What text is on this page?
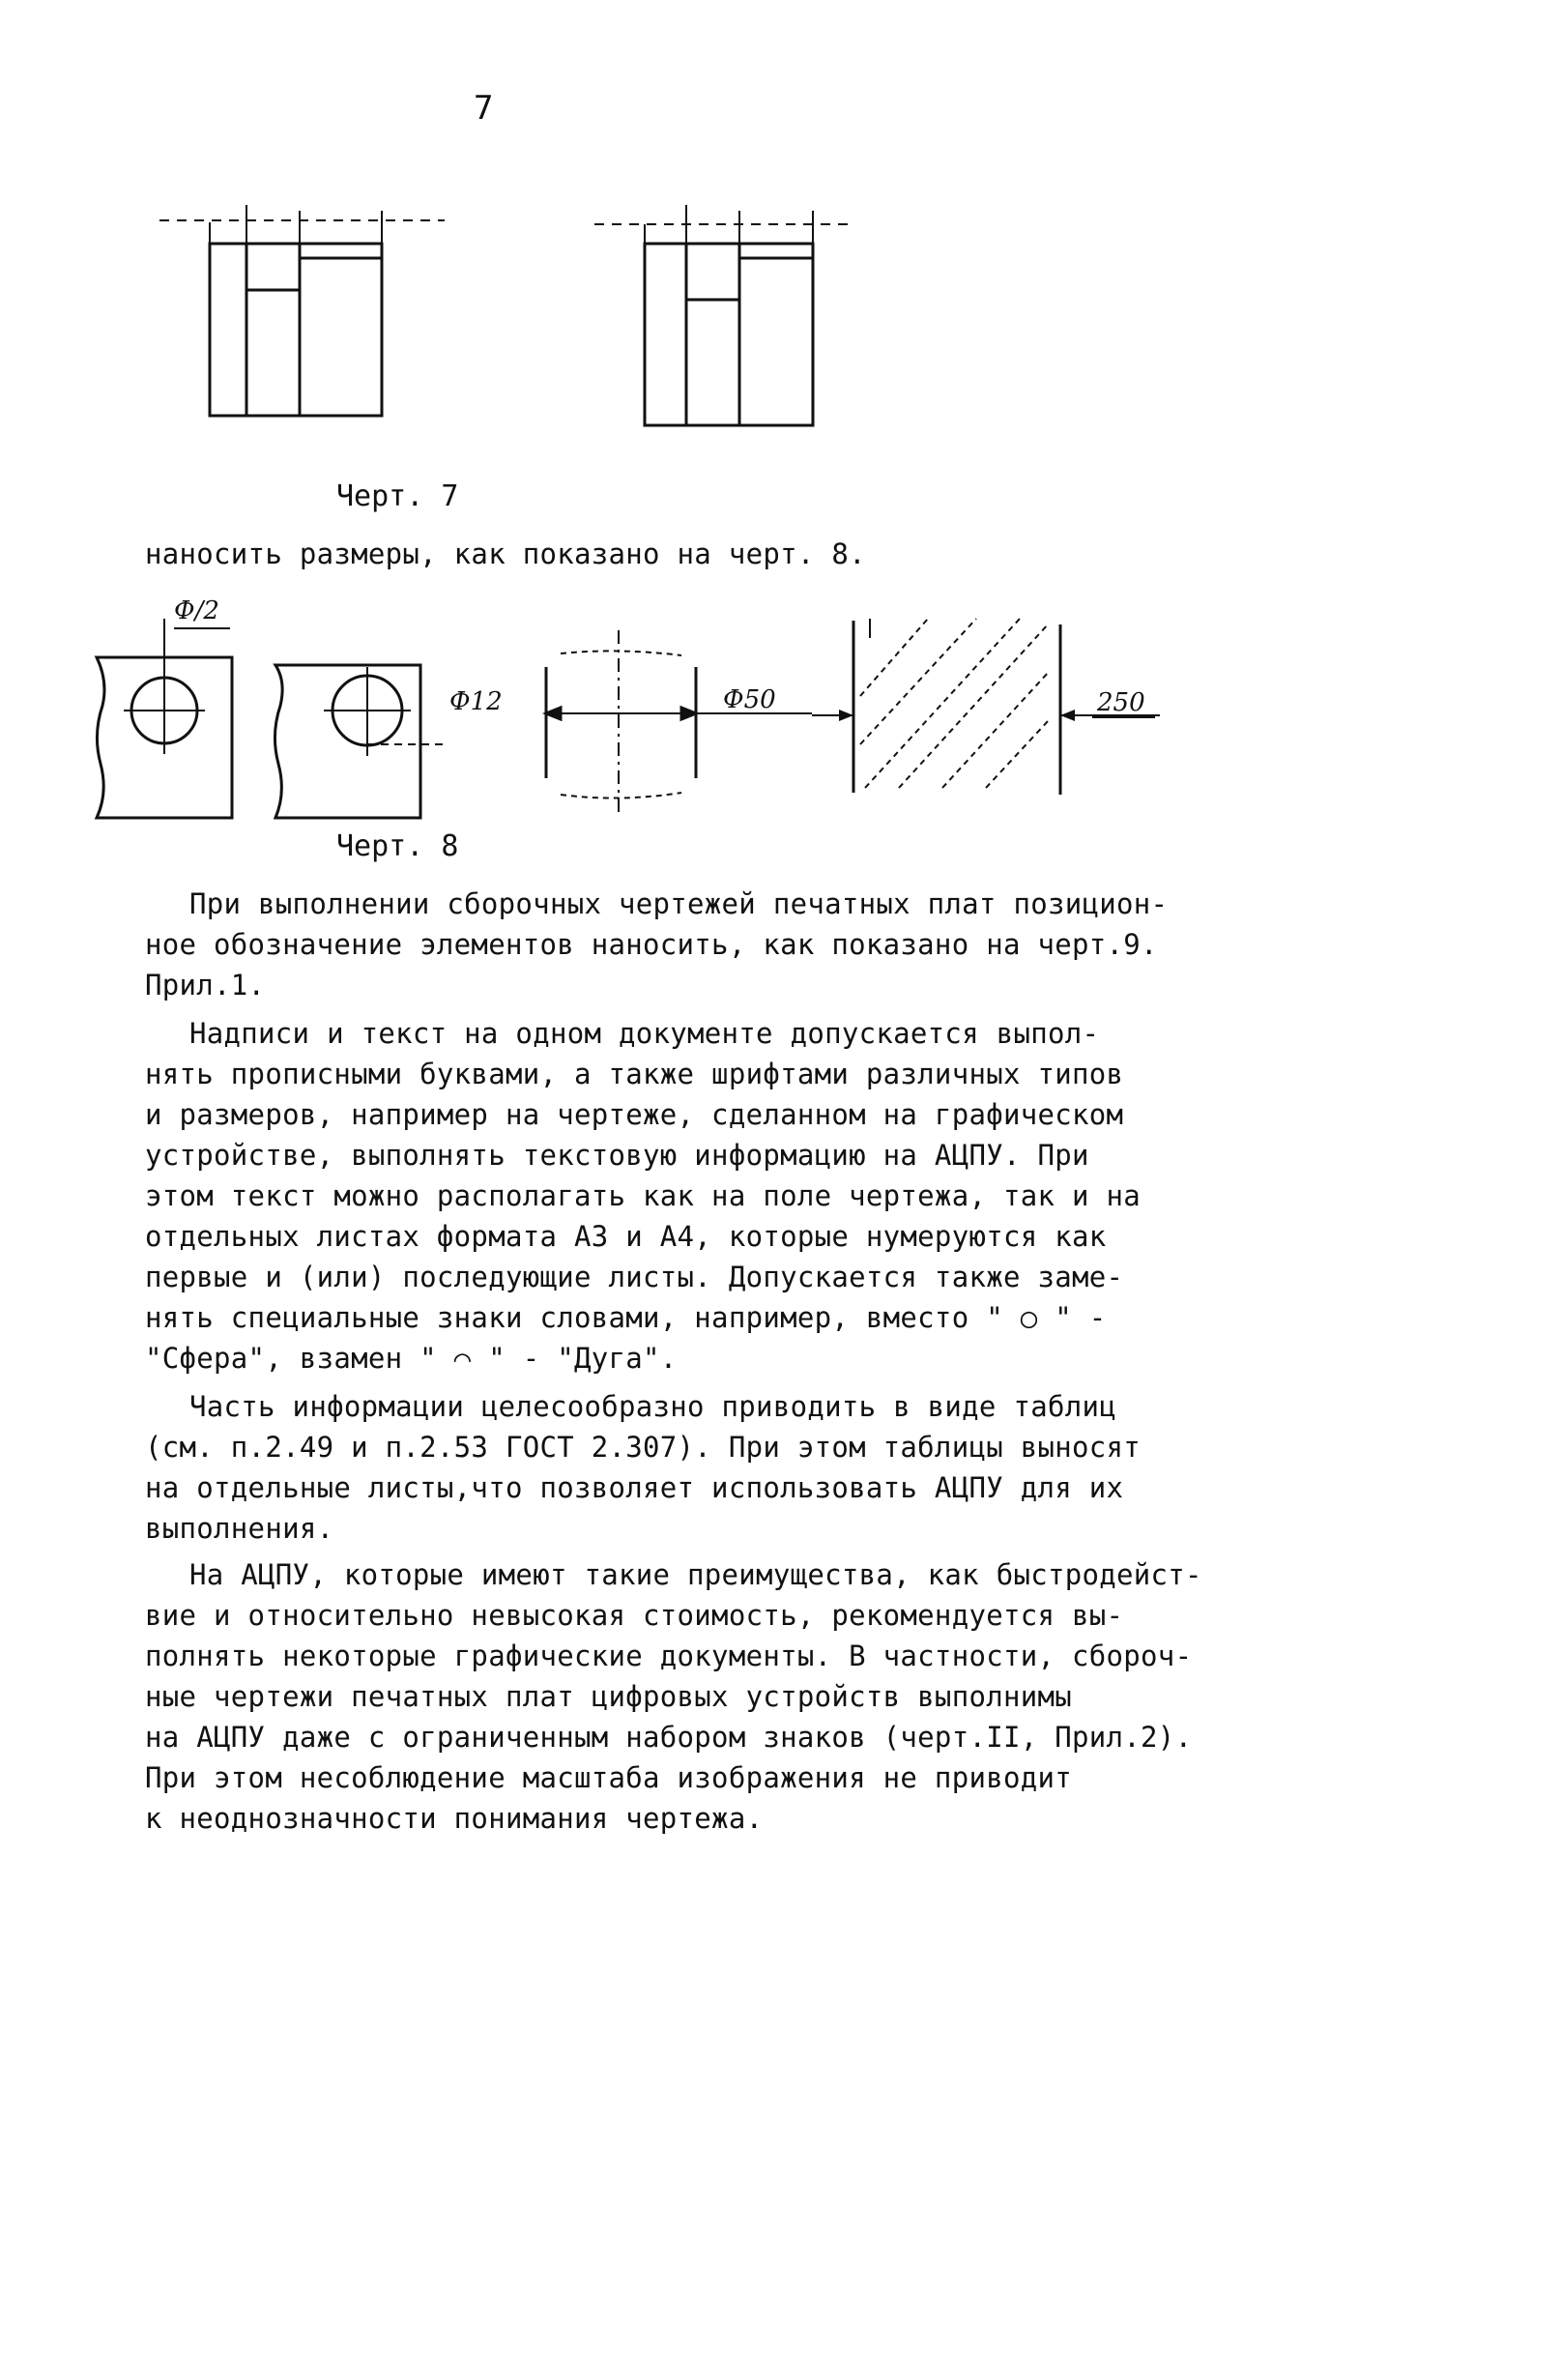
7
Черт. 7
наносить размеры, как показано на черт. 8.
Ф/2
Ф12	Ф50	250
Черт. 8
При выполнении сборочных чертежей печатных плат позицион-
ное обозначение элементов наносить, как показано на черт.9.
Прил.1.
Надписи и текст на одном документе допускается выпол-
нять прописными буквами, а также шрифтами различных типов
и размеров, например на чертеже, сделанном на графическом
устройстве, выполнять текстовую информацию на АЦПУ. При
этом текст можно располагать как на поле чертежа, так и на
отдельных листах формата А3 и А4, которые нумеруются как
первые и (или) последующие листы. Допускается также заме-
нять специальные знаки словами, например, вместо " ○ " -
"Сфера", взамен " ⌒ " - "Дуга".
Часть информации целесообразно приводить в виде таблиц
(см. п.2.49 и п.2.53 ГОСТ 2.307). При этом таблицы выносят
на отдельные листы,что позволяет использовать АЦПУ для их
выполнения.
На АЦПУ, которые имеют такие преимущества, как быстродейст-
вие и относительно невысокая стоимость, рекомендуется вы-
полнять некоторые графические документы. В частности, сбороч-
ные чертежи печатных плат цифровых устройств выполнимы
на АЦПУ даже с ограниченным набором знаков (черт.II, Прил.2).
При этом несоблюдение масштаба изображения не приводит
к неоднозначности понимания чертежа.
